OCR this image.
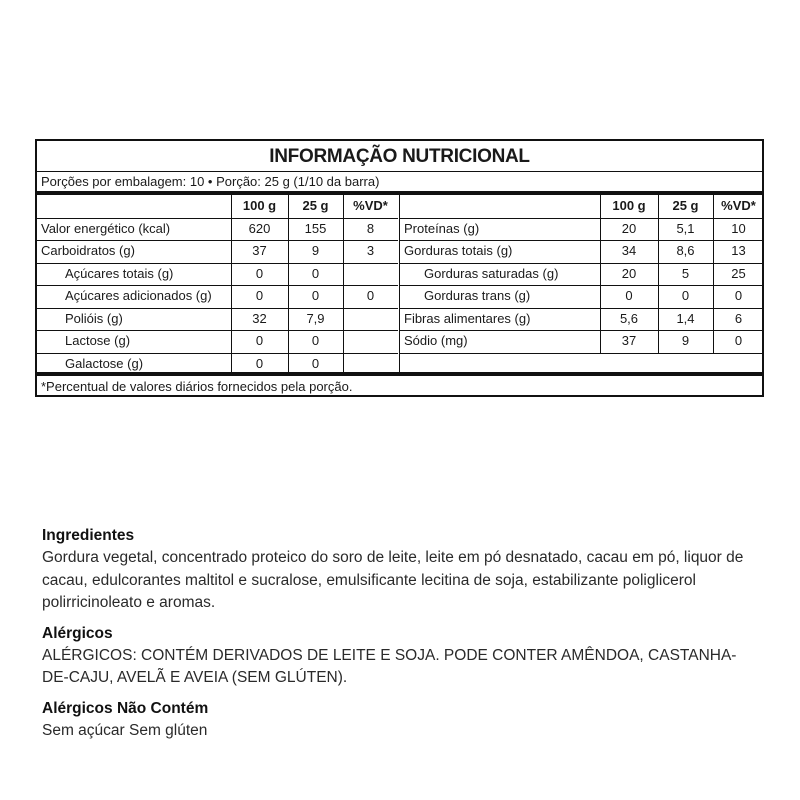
INFORMAÇÃO NUTRICIONAL
Porções por embalagem: 10 • Porção: 25 g (1/10 da barra)
100 g	25 g	%VD*
Valor energético (kcal)	620	155	8
Carboidratos (g)	37	9	3
Açúcares totais (g)	0	0
Açúcares adicionados (g)	0	0	0
Polióis (g)	32	7,9
Lactose (g)	0	0
Galactose (g)	0	0
100 g	25 g	%VD*
Proteínas (g)	20	5,1	10
Gorduras totais (g)	34	8,6	13
Gorduras saturadas (g)	20	5	25
Gorduras trans (g)	0	0	0
Fibras alimentares (g)	5,6	1,4	6
Sódio (mg)	37	9	0
*Percentual de valores diários fornecidos pela porção.
Ingredientes

Gordura vegetal, concentrado proteico do soro de leite, leite em pó desnatado, cacau em pó, liquor de cacau, edulcorantes maltitol e sucralose, emulsificante lecitina de soja, estabilizante poliglicerol polirricinoleato e aromas.

Alérgicos

ALÉRGICOS: CONTÉM DERIVADOS DE LEITE E SOJA. PODE CONTER AMÊNDOA, CASTANHA-DE-CAJU, AVELÃ E AVEIA (SEM GLÚTEN).

Alérgicos Não Contém

Sem açúcar Sem glúten
